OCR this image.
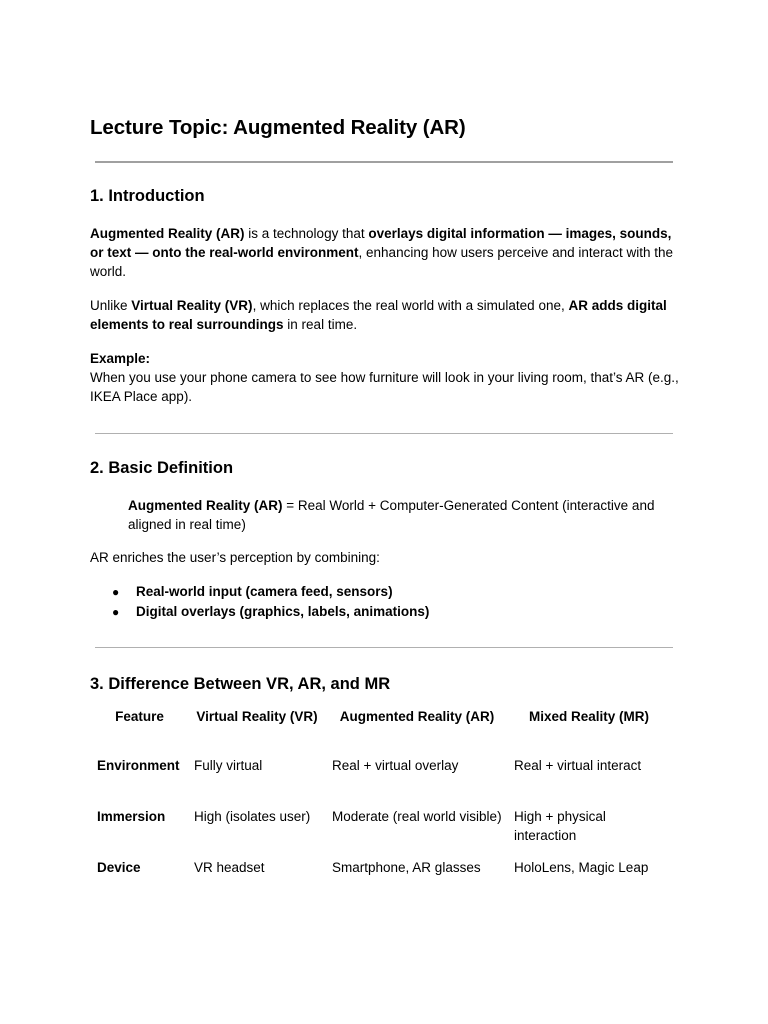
Lecture Topic: Augmented Reality (AR)
1. Introduction
Augmented Reality (AR) is a technology that overlays digital information — images, sounds, or text — onto the real-world environment, enhancing how users perceive and interact with the world.
Unlike Virtual Reality (VR), which replaces the real world with a simulated one, AR adds digital elements to real surroundings in real time.
Example:
When you use your phone camera to see how furniture will look in your living room, that’s AR (e.g., IKEA Place app).
2. Basic Definition
Augmented Reality (AR) = Real World + Computer-Generated Content (interactive and aligned in real time)
AR enriches the user’s perception by combining:
● Real-world input (camera feed, sensors)
● Digital overlays (graphics, labels, animations)
3. Difference Between VR, AR, and MR
Feature	Virtual Reality (VR)	Augmented Reality (AR)	Mixed Reality (MR)
Environment	Fully virtual	Real + virtual overlay	Real + virtual interact
Immersion	High (isolates user)	Moderate (real world visible)	High + physical interaction
Device	VR headset	Smartphone, AR glasses	HoloLens, Magic Leap
